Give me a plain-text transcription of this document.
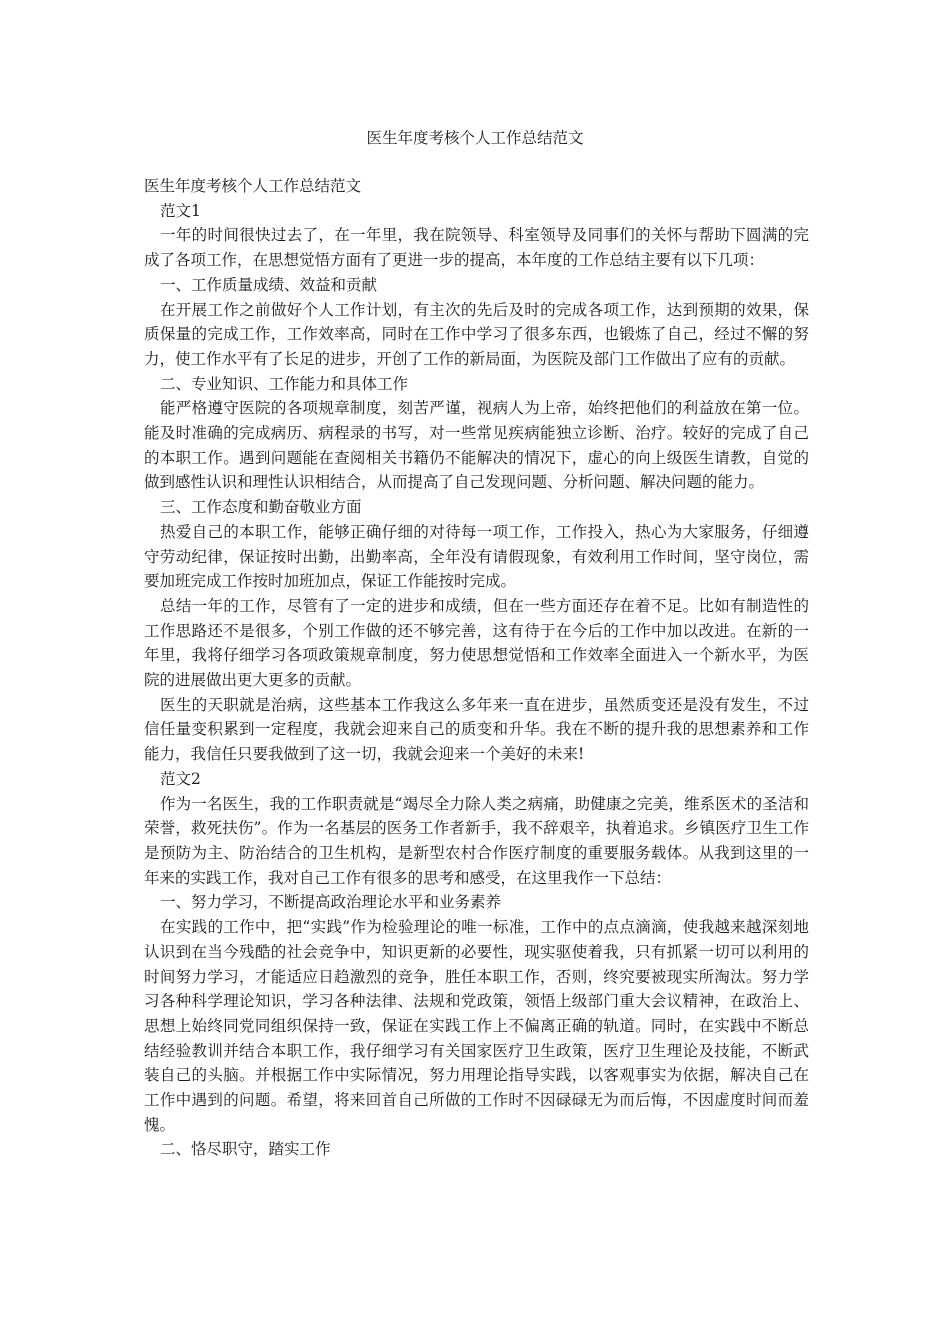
医生年度考核个人工作总结范文

医生年度考核个人工作总结范文

范文1

一年的时间很快过去了，在一年里，我在院领导、科室领导及同事们的关怀与帮助下圆满的完成了各项工作，在思想觉悟方面有了更进一步的提高，本年度的工作总结主要有以下几项：

一、工作质量成绩、效益和贡献

在开展工作之前做好个人工作计划，有主次的先后及时的完成各项工作，达到预期的效果，保质保量的完成工作，工作效率高，同时在工作中学习了很多东西，也锻炼了自己，经过不懈的努力，使工作水平有了长足的进步，开创了工作的新局面，为医院及部门工作做出了应有的贡献。

二、专业知识、工作能力和具体工作

能严格遵守医院的各项规章制度，刻苦严谨，视病人为上帝，始终把他们的利益放在第一位。能及时准确的完成病历、病程录的书写，对一些常见疾病能独立诊断、治疗。较好的完成了自己的本职工作。遇到问题能在查阅相关书籍仍不能解决的情况下，虚心的向上级医生请教，自觉的做到感性认识和理性认识相结合，从而提高了自己发现问题、分析问题、解决问题的能力。

三、工作态度和勤奋敬业方面

热爱自己的本职工作，能够正确仔细的对待每一项工作，工作投入，热心为大家服务，仔细遵守劳动纪律，保证按时出勤，出勤率高，全年没有请假现象，有效利用工作时间，坚守岗位，需要加班完成工作按时加班加点，保证工作能按时完成。

总结一年的工作，尽管有了一定的进步和成绩，但在一些方面还存在着不足。比如有制造性的工作思路还不是很多，个别工作做的还不够完善，这有待于在今后的工作中加以改进。在新的一年里，我将仔细学习各项政策规章制度，努力使思想觉悟和工作效率全面进入一个新水平，为医院的进展做出更大更多的贡献。

医生的天职就是治病，这些基本工作我这么多年来一直在进步，虽然质变还是没有发生，不过信任量变积累到一定程度，我就会迎来自己的质变和升华。我在不断的提升我的思想素养和工作能力，我信任只要我做到了这一切，我就会迎来一个美好的未来!

范文2

作为一名医生，我的工作职责就是“竭尽全力除人类之病痛，助健康之完美，维系医术的圣洁和荣誉，救死扶伤”。作为一名基层的医务工作者新手，我不辞艰辛，执着追求。乡镇医疗卫生工作是预防为主、防治结合的卫生机构，是新型农村合作医疗制度的重要服务载体。从我到这里的一年来的实践工作，我对自己工作有很多的思考和感受，在这里我作一下总结：

一、努力学习，不断提高政治理论水平和业务素养

在实践的工作中，把“实践”作为检验理论的唯一标准，工作中的点点滴滴，使我越来越深刻地认识到在当今残酷的社会竞争中，知识更新的必要性，现实驱使着我，只有抓紧一切可以利用的时间努力学习，才能适应日趋激烈的竞争，胜任本职工作，否则，终究要被现实所淘汰。努力学习各种科学理论知识，学习各种法律、法规和党政策，领悟上级部门重大会议精神，在政治上、思想上始终同党同组织保持一致，保证在实践工作上不偏离正确的轨道。同时，在实践中不断总结经验教训并结合本职工作，我仔细学习有关国家医疗卫生政策，医疗卫生理论及技能，不断武装自己的头脑。并根据工作中实际情况，努力用理论指导实践，以客观事实为依据，解决自己在工作中遇到的问题。希望，将来回首自己所做的工作时不因碌碌无为而后悔，不因虚度时间而羞愧。

二、恪尽职守，踏实工作
